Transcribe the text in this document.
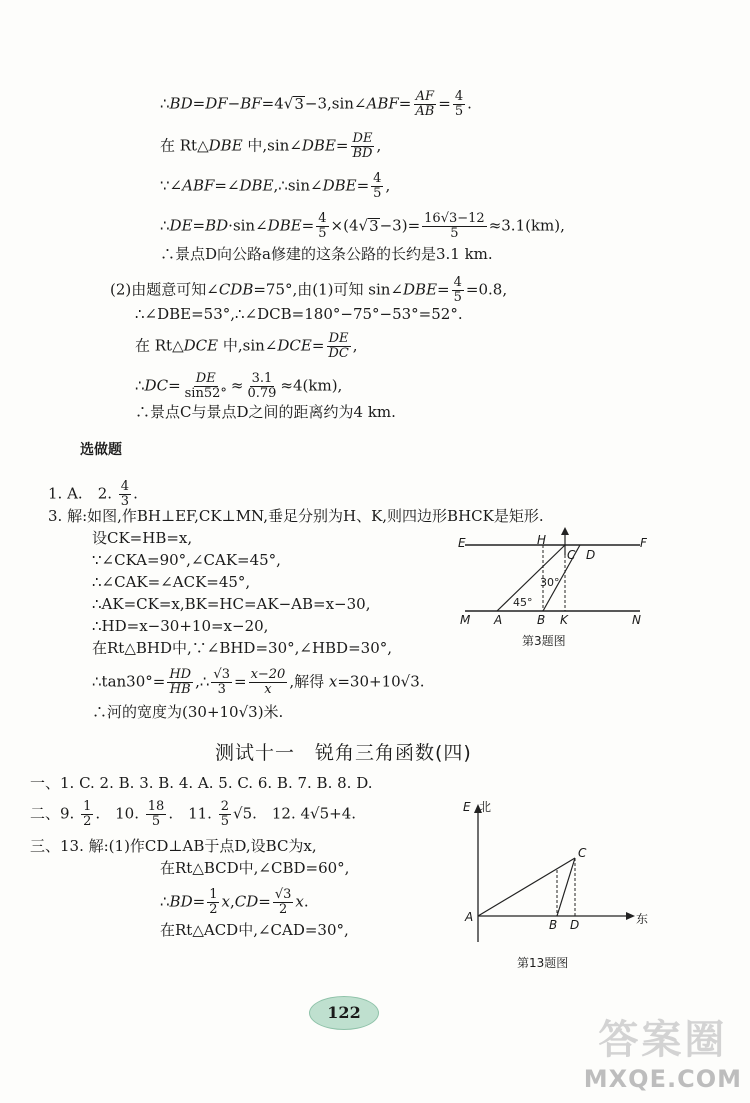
∴BD=DF−BF=4√3−3,sin∠ABF= $\frac{AF}{AB} = \frac{4}{5}$ .
在 Rt△DBE 中,sin∠DBE= $\frac{DE}{BD}$ ,
∵∠ABF=∠DBE,∴sin∠DBE= $\frac{4}{5}$ ,
∴DE=BD·sin∠DBE= $\frac{4}{5} \times(4√3-3)= \frac{16√3-12}{5} \approx 3.1(km)$,
∴景点D向公路a修建的这条公路的长约是3.1 km.
(2)由题意可知∠CDB=75°,由(1)可知 sin∠DBE= $\frac{4}{5} =0.8$,
∴∠DBE=53°,∴∠DCB=180°−75°−53°=52°.
在 Rt△DCE 中,sin∠DCE= $\frac{DE}{DC}$ ,
∴DC= $\frac{DE}{\sin 52^\circ} \approx \frac{3.1}{0.79} \approx 4(km)$,
∴景点C与景点D之间的距离约为4 km.
选做题
1. A.　2. $\frac{4}{3}$ .
3. 解:如图,作BH⊥EF,CK⊥MN,垂足分别为H、K,则四边形BHCK是矩形.
设CK=HB=x,
∵∠CKA=90°,∠CAK=45°,
∴∠CAK=∠ACK=45°,
∴AK=CK=x,BK=HC=AK−AB=x−30,
∴HD=x−30+10=x−20,
在Rt△BHD中,∵∠BHD=30°,∠HBD=30°,
∴tan30°= $\frac{HD}{HB}$ ,∴ $\frac{√3}{3} = \frac{x-20}{x}$ ,解得 x=30+10√3.
∴河的宽度为(30+10√3)米.
E	H
C D
F
M A	B K	N
45°
30°
第3题图
测试十一　锐角三角函数(四)
一、1. C. 2. B. 3. B. 4. A. 5. C. 6. B. 7. B. 8. D.
二、9. $\frac{1}{2}$ .　10. $\frac{18}{5}$ .　11. $\frac{2}{5} √5$.　12. 4√5+4.
三、13. 解:(1)作CD⊥AB于点D,设BC为x,
在Rt△BCD中,∠CBD=60°,
∴BD= $\frac{1}{2} x,CD= \frac{√3}{2} x$.
在Rt△ACD中,∠CAD=30°,
E 北
C
A
B D	东
第13题图
122
答案圈
MXQE.COM
